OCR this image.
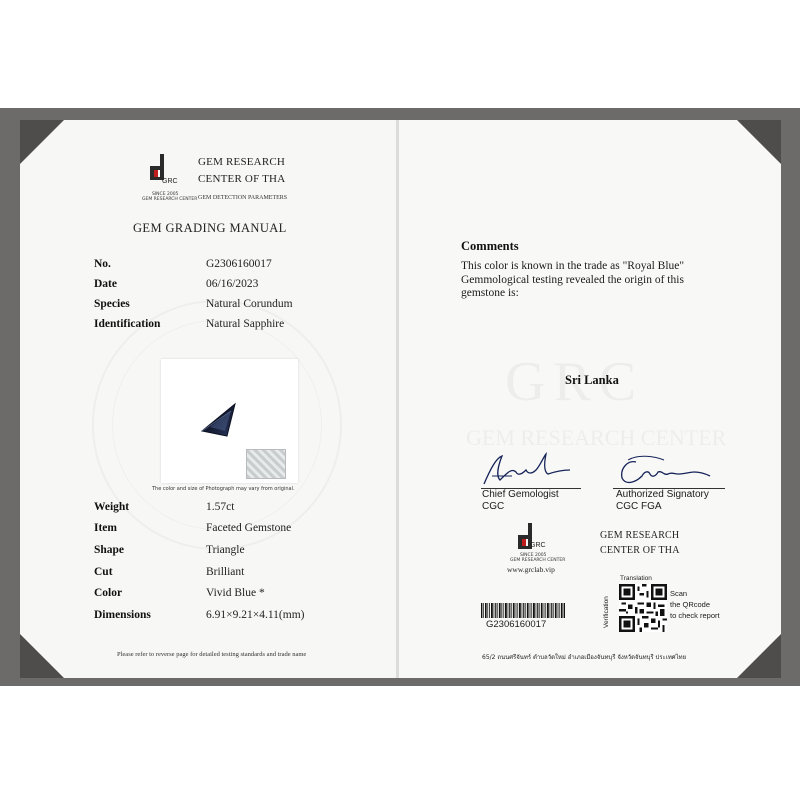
GRC
SINCE 2005
GEM RESEARCH CENTER
GEM RESEARCH
CENTER OF THA
GEM DETECTION PARAMETERS
GEM GRADING MANUAL
No.	G2306160017
Date	06/16/2023
Species	Natural Corundum
Identification	Natural Sapphire
The color and size of Photograph may vary from original.
Weight	1.57ct
Item	Faceted Gemstone
Shape	Triangle
Cut	Brilliant
Color	Vivid Blue *
Dimensions	6.91×9.21×4.11(mm)
Please refer to reverse page for detailed testing standards and trade name
Comments
This color is known in the trade as "Royal Blue" Gemmological testing revealed the origin of this gemstone is:
Sri Lanka
Chief Gemologist
CGC
Authorized Signatory
CGC FGA
GRC
SINCE 2005
GEM RESEARCH CENTER
www.grclab.vip
GEM RESEARCH
CENTER OF THA
G2306160017
Translation
Verification
Scan
the QRcode
to check report
65/2 ถนนศรีจันทร์ ตำบลวัดใหม่ อำเภอเมืองจันทบุรี จังหวัดจันทบุรี ประเทศไทย
